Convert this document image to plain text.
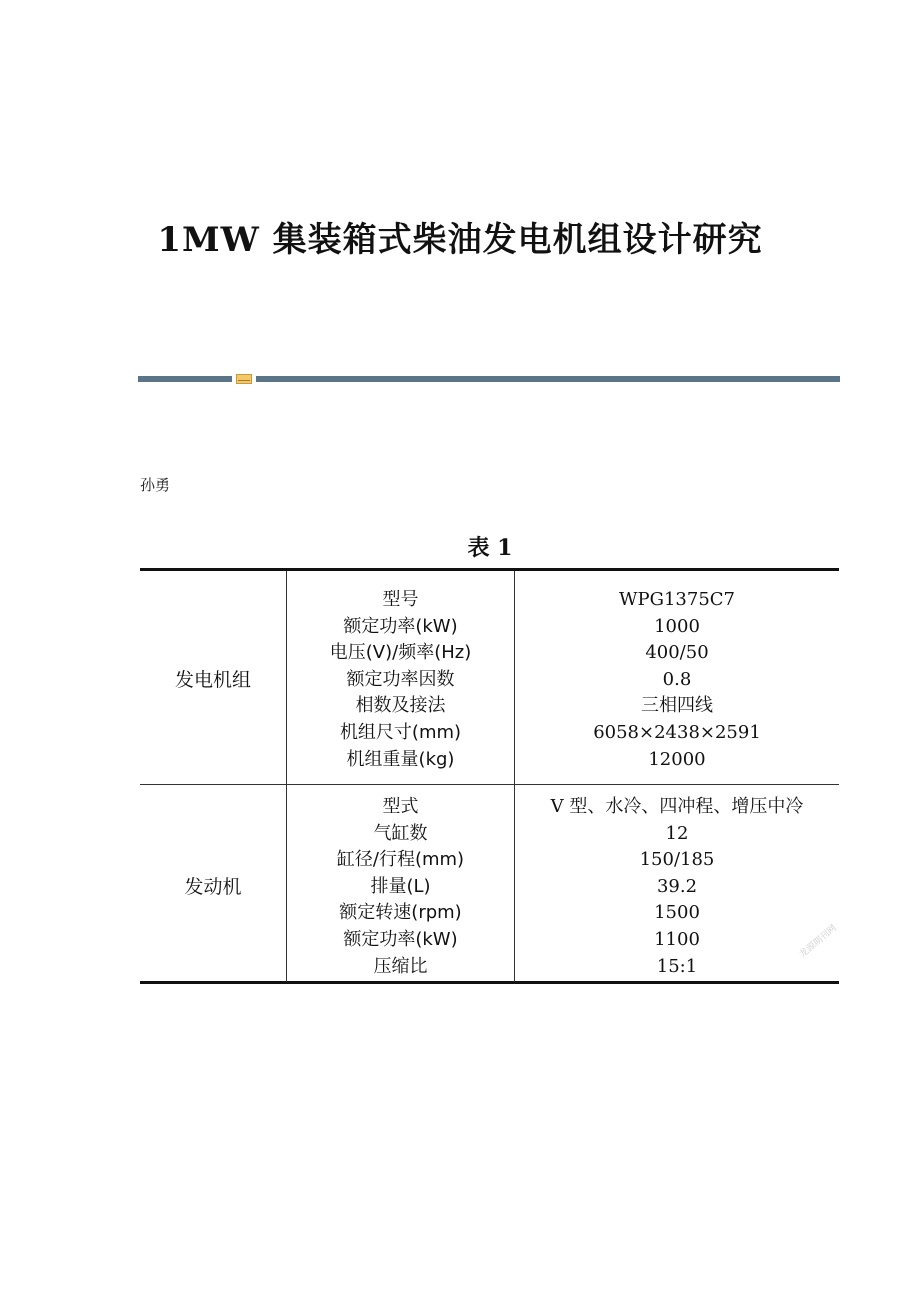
1MW 集装箱式柴油发电机组设计研究
孙勇
表 1
发电机组
型号	WPG1375C7
额定功率(kW)	1000
电压(V)/频率(Hz)	400/50
额定功率因数	0.8
相数及接法	三相四线
机组尺寸(mm)	6058×2438×2591
机组重量(kg)	12000
发动机
型式	V 型、水冷、四冲程、增压中冷
气缸数	12
缸径/行程(mm)	150/185
排量(L)	39.2
额定转速(rpm)	1500
额定功率(kW)	1100
压缩比	15:1
龙源期刊网
